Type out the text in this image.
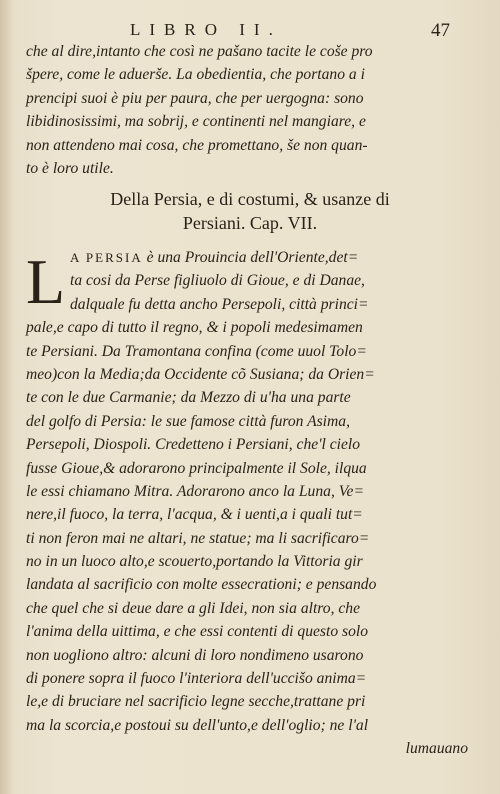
LIBRO II.	47
che al dire,intanto che così ne pašano tacite le coše pro
špere, come le aduerše. La obedientia, che portano a i
prencipi suoi è piu per paura, che per uergogna: sono
libidinosissimi, ma sobrij, e continenti nel mangiare, e
non attendeno mai cosa, che promettano, še non quan-
to è loro utile.
Della Persia, e di costumi, & usanze di
Persiani. Cap. VII.
L A PERSIA è una Prouincia dell'Oriente,det=
ta cosi da Perse figliuolo di Gioue, e di Danae,
dalquale fu detta ancho Persepoli, città princi=
pale,e capo di tutto il regno, & i popoli medesimamen
te Persiani. Da Tramontana confina (come uuol Tolo=
meo)con la Media;da Occidente cõ Susiana; da Orien=
te con le due Carmanie; da Mezzo di u'ha una parte
del golfo di Persia: le sue famose città furon Asima,
Persepoli, Diospoli. Credetteno i Persiani, che'l cielo
fusse Gioue,& adorarono principalmente il Sole, ilqua
le essi chiamano Mitra. Adorarono anco la Luna, Ve=
nere,il fuoco, la terra, l'acqua, & i uenti,a i quali tut=
ti non feron mai ne altari, ne statue; ma li sacrificaro=
no in un luoco alto,e scouerto,portando la Vittoria gir
landata al sacrificio con molte essecrationi; e pensando
che quel che si deue dare a gli Idei, non sia altro, che
l'anima della uittima, e che essi contenti di questo solo
non uogliono altro: alcuni di loro nondimeno usarono
di ponere sopra il fuoco l'interiora dell'uccišo anima=
le,e di bruciare nel sacrificio legne secche,trattane pri
ma la scorcia,e postoui su dell'unto,e dell'oglio; ne l'al
lumauano
